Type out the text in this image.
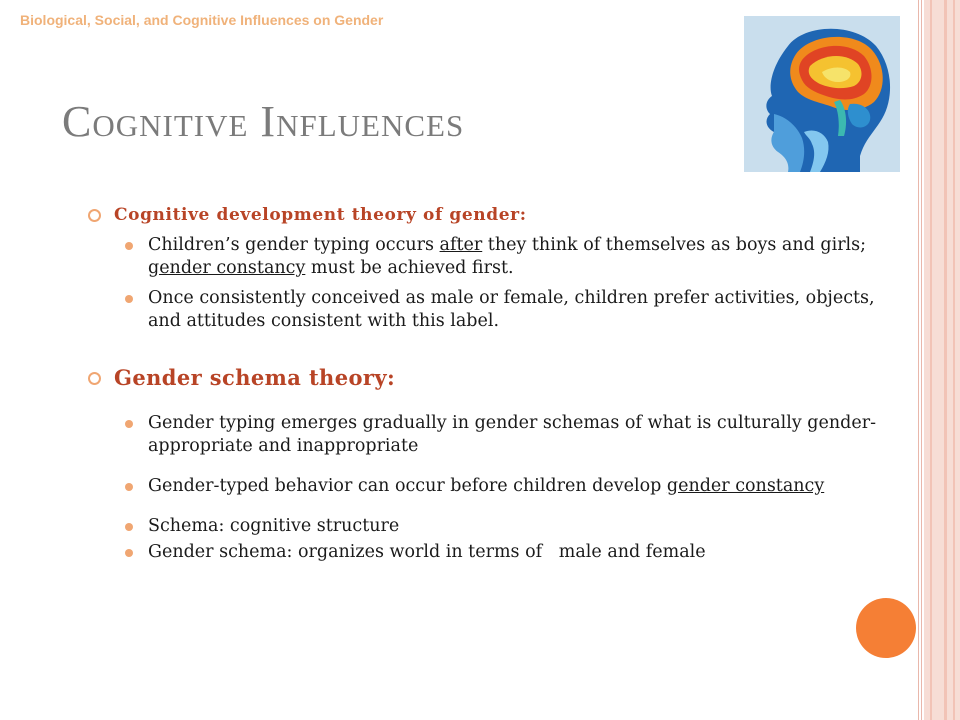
Biological, Social, and Cognitive Influences on Gender
Cognitive Influences
Cognitive development theory of gender:
Children’s gender typing occurs after they think of themselves as boys and girls; gender constancy must be achieved first.
Once consistently conceived as male or female, children prefer activities, objects, and attitudes consistent with this label.
Gender schema theory:
Gender typing emerges gradually in gender schemas of what is culturally gender-appropriate and inappropriate
Gender-typed behavior can occur before children develop gender constancy
Schema: cognitive structure
Gender schema: organizes world in terms of   male and female
